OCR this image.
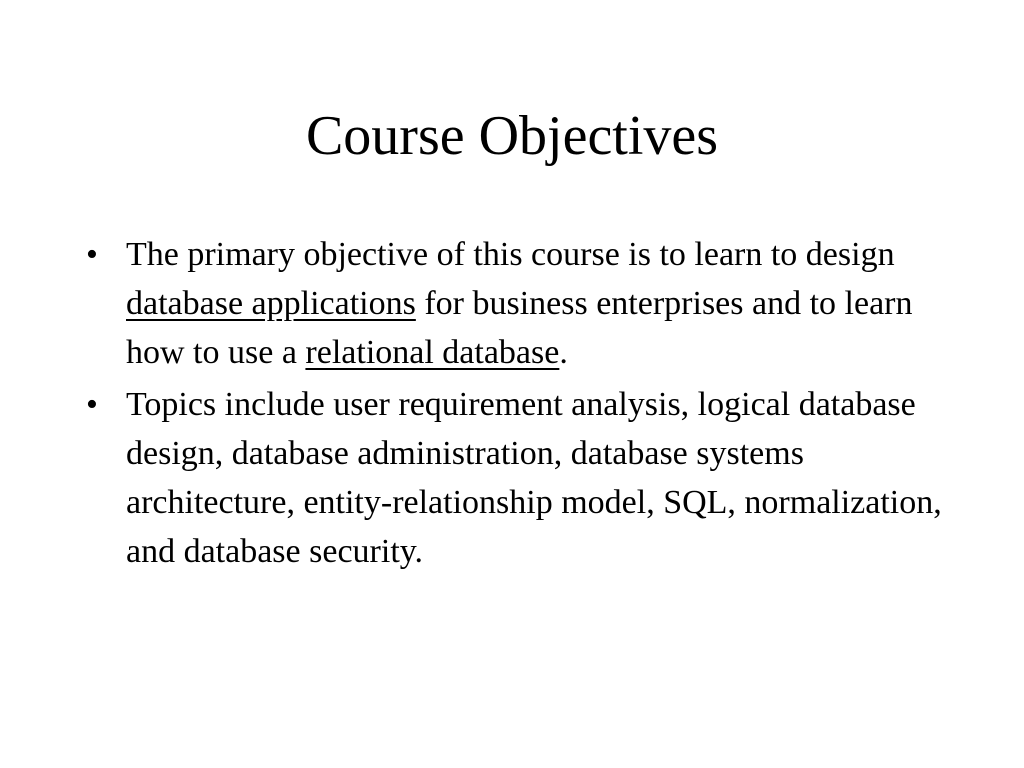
Course Objectives
• The primary objective of this course is to learn to design database applications for business enterprises and to learn how to use a relational database.
• Topics include user requirement analysis, logical database design, database administration, database systems architecture, entity-relationship model, SQL, normalization, and database security.
